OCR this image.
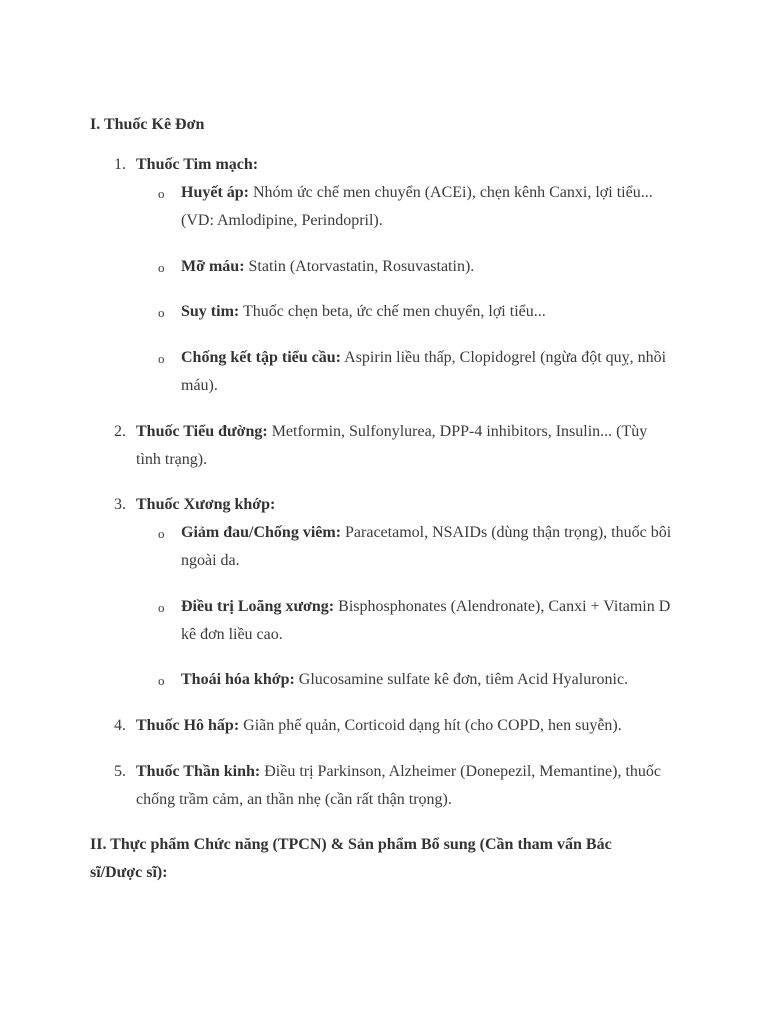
I. Thuốc Kê Đơn
1. Thuốc Tim mạch:
o Huyết áp: Nhóm ức chế men chuyển (ACEi), chẹn kênh Canxi, lợi tiểu... (VD: Amlodipine, Perindopril).
o Mỡ máu: Statin (Atorvastatin, Rosuvastatin).
o Suy tim: Thuốc chẹn beta, ức chế men chuyển, lợi tiểu...
o Chống kết tập tiểu cầu: Aspirin liều thấp, Clopidogrel (ngừa đột quỵ, nhồi máu).
2. Thuốc Tiểu đường: Metformin, Sulfonylurea, DPP-4 inhibitors, Insulin... (Tùy tình trạng).
3. Thuốc Xương khớp:
o Giảm đau/Chống viêm: Paracetamol, NSAIDs (dùng thận trọng), thuốc bôi ngoài da.
o Điều trị Loãng xương: Bisphosphonates (Alendronate), Canxi + Vitamin D kê đơn liều cao.
o Thoái hóa khớp: Glucosamine sulfate kê đơn, tiêm Acid Hyaluronic.
4. Thuốc Hô hấp: Giãn phế quản, Corticoid dạng hít (cho COPD, hen suyễn).
5. Thuốc Thần kinh: Điều trị Parkinson, Alzheimer (Donepezil, Memantine), thuốc chống trầm cảm, an thần nhẹ (cần rất thận trọng).
II. Thực phẩm Chức năng (TPCN) & Sản phẩm Bổ sung (Cần tham vấn Bác sĩ/Dược sĩ):
